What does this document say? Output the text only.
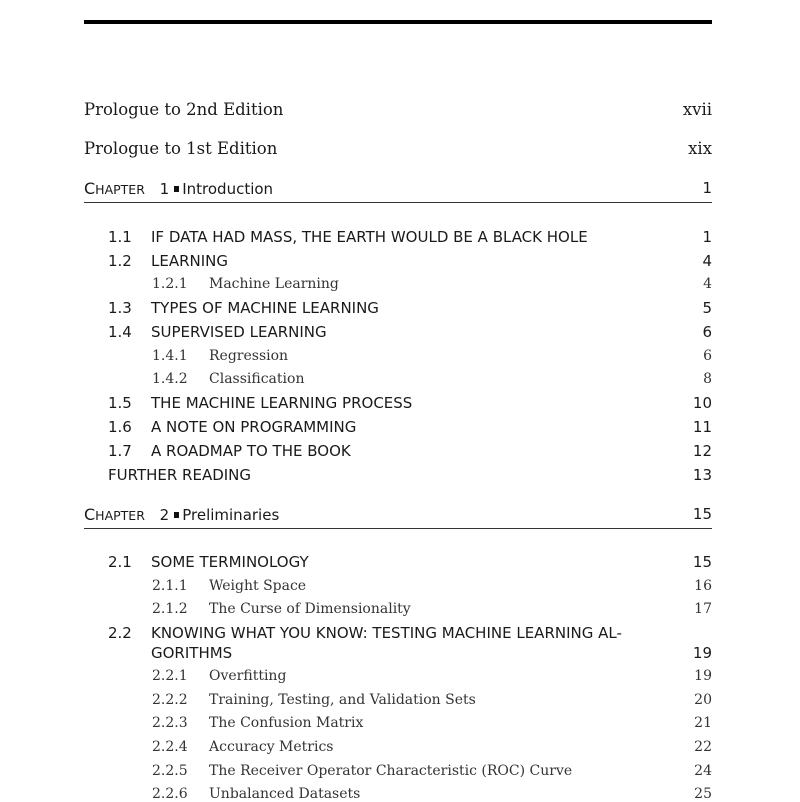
Prologue to 2nd Edition	xvii
Prologue to 1st Edition	xix
CHAPTER 1 Introduction	1
1.1 IF DATA HAD MASS, THE EARTH WOULD BE A BLACK HOLE	1
1.2 LEARNING	4
1.2.1 Machine Learning	4
1.3 TYPES OF MACHINE LEARNING	5
1.4 SUPERVISED LEARNING	6
1.4.1 Regression	6
1.4.2 Classification	8
1.5 THE MACHINE LEARNING PROCESS	10
1.6 A NOTE ON PROGRAMMING	11
1.7 A ROADMAP TO THE BOOK	12
FURTHER READING	13
CHAPTER 2 Preliminaries	15
2.1 SOME TERMINOLOGY	15
2.1.1 Weight Space	16
2.1.2 The Curse of Dimensionality	17
2.2 KNOWING WHAT YOU KNOW: TESTING MACHINE LEARNING AL-
GORITHMS	19
2.2.1 Overfitting	19
2.2.2 Training, Testing, and Validation Sets	20
2.2.3 The Confusion Matrix	21
2.2.4 Accuracy Metrics	22
2.2.5 The Receiver Operator Characteristic (ROC) Curve	24
2.2.6 Unbalanced Datasets	25
